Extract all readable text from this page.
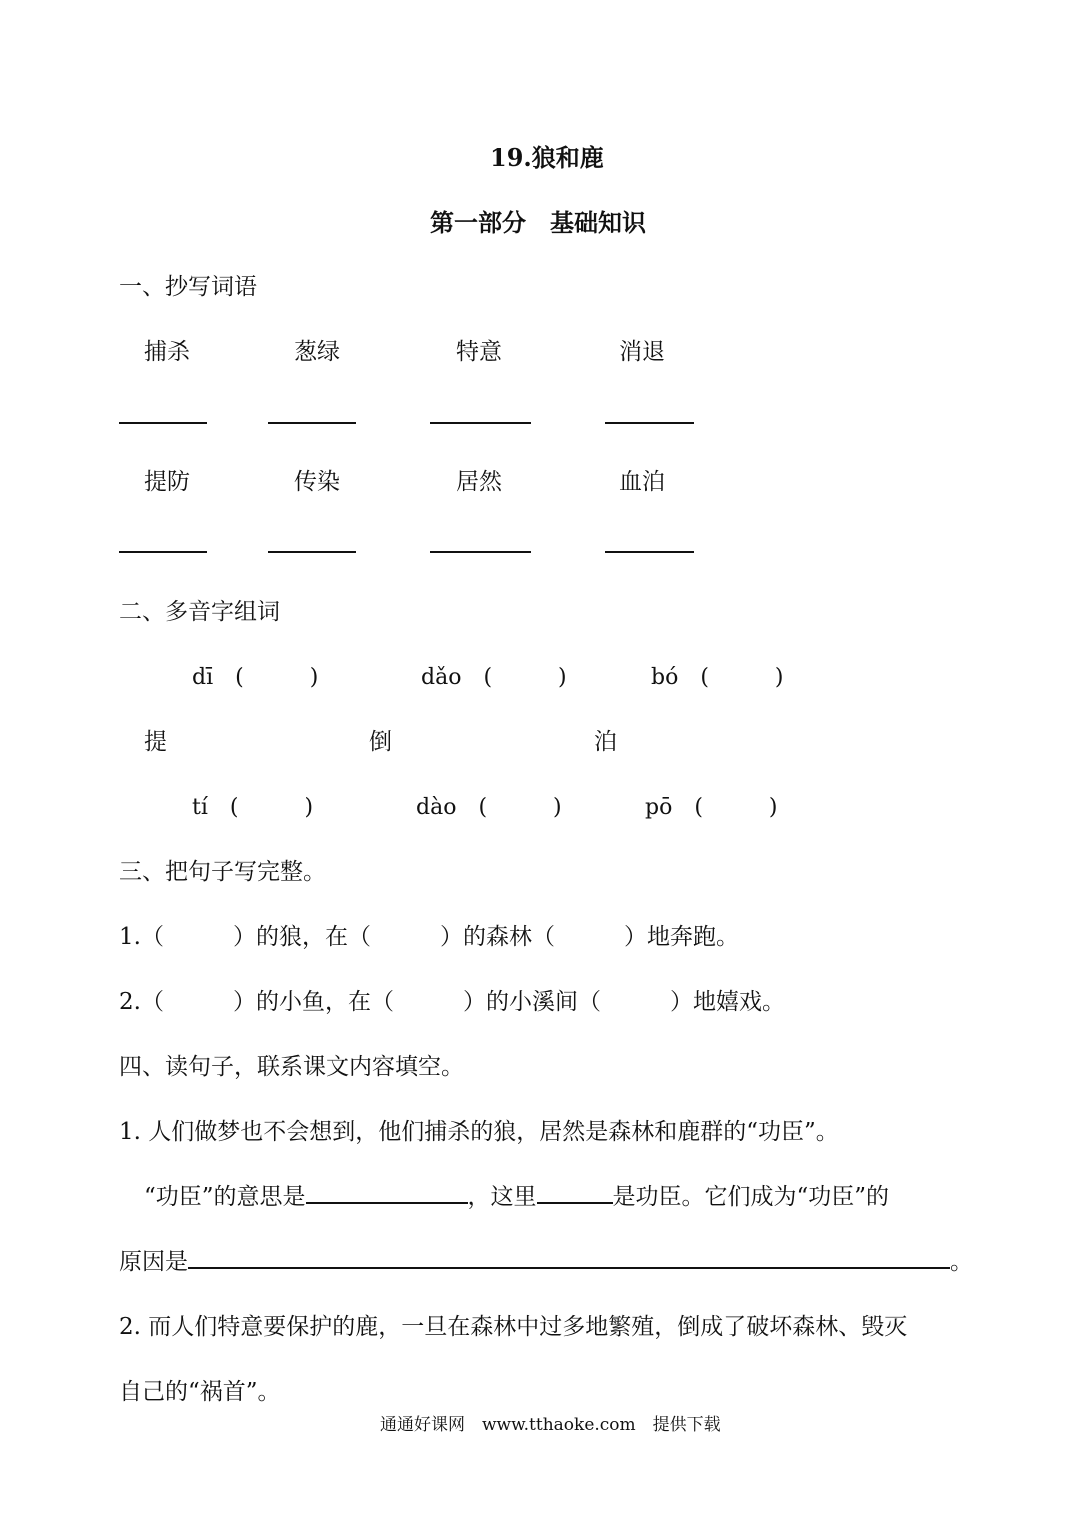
19.狼和鹿
第一部分　基础知识
一、抄写词语
捕杀	葱绿	特意	消退
提防	传染	居然	血泊
二、多音字组词
dī　(　　　)	dǎo　(　　　)	bó　(　　　)
提	倒	泊
tí　(　　　)	dào　(　　　)	pō　(　　　)
三、把句子写完整。
1.（　　　）的狼，在（　　　）的森林（　　　）地奔跑。
2.（　　　）的小鱼，在（　　　）的小溪间（　　　）地嬉戏。
四、读句子，联系课文内容填空。
1. 人们做梦也不会想到，他们捕杀的狼，居然是森林和鹿群的“功臣”。
“功臣”的意思是	，这里	是功臣。它们成为“功臣”的
原因是	。
2. 而人们特意要保护的鹿，一旦在森林中过多地繁殖，倒成了破坏森林、毁灭
自己的“祸首”。
通通好课网　www.tthaoke.com　提供下载
